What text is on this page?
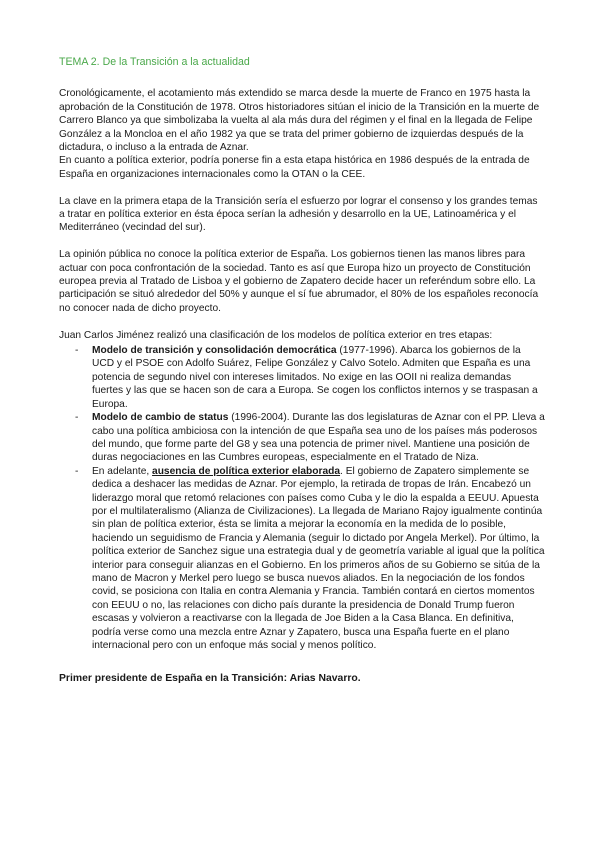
TEMA 2. De la Transición a la actualidad

Cronológicamente, el acotamiento más extendido se marca desde la muerte de Franco en 1975 hasta la aprobación de la Constitución de 1978. Otros historiadores sitúan el inicio de la Transición en la muerte de Carrero Blanco ya que simbolizaba la vuelta al ala más dura del régimen y el final en la llegada de Felipe González a la Moncloa en el año 1982 ya que se trata del primer gobierno de izquierdas después de la dictadura, o incluso a la entrada de Aznar.

En cuanto a política exterior, podría ponerse fin a esta etapa histórica en 1986 después de la entrada de España en organizaciones internacionales como la OTAN o la CEE.

La clave en la primera etapa de la Transición sería el esfuerzo por lograr el consenso y los grandes temas a tratar en política exterior en ésta época serían la adhesión y desarrollo en la UE, Latinoamérica y el Mediterráneo (vecindad del sur).

La opinión pública no conoce la política exterior de España. Los gobiernos tienen las manos libres para actuar con poca confrontación de la sociedad. Tanto es así que Europa hizo un proyecto de Constitución europea previa al Tratado de Lisboa y el gobierno de Zapatero decide hacer un referéndum sobre ello. La participación se situó alrededor del 50% y aunque el sí fue abrumador, el 80% de los españoles reconocía no conocer nada de dicho proyecto.

Juan Carlos Jiménez realizó una clasificación de los modelos de política exterior en tres etapas:

- Modelo de transición y consolidación democrática (1977-1996). Abarca los gobiernos de la UCD y el PSOE con Adolfo Suárez, Felipe González y Calvo Sotelo. Admiten que España es una potencia de segundo nivel con intereses limitados. No exige en las OOII ni realiza demandas fuertes y las que se hacen son de cara a Europa. Se cogen los conflictos internos y se traspasan a Europa.
- Modelo de cambio de status (1996-2004). Durante las dos legislaturas de Aznar con el PP. Lleva a cabo una política ambiciosa con la intención de que España sea uno de los países más poderosos del mundo, que forme parte del G8 y sea una potencia de primer nivel. Mantiene una posición de duras negociaciones en las Cumbres europeas, especialmente en el Tratado de Niza.
- En adelante, ausencia de política exterior elaborada. El gobierno de Zapatero simplemente se dedica a deshacer las medidas de Aznar. Por ejemplo, la retirada de tropas de Irán. Encabezó un liderazgo moral que retomó relaciones con países como Cuba y le dio la espalda a EEUU. Apuesta por el multilateralismo (Alianza de Civilizaciones). La llegada de Mariano Rajoy igualmente continúa sin plan de política exterior, ésta se limita a mejorar la economía en la medida de lo posible, haciendo un seguidismo de Francia y Alemania (seguir lo dictado por Angela Merkel). Por último, la política exterior de Sanchez sigue una estrategia dual y de geometría variable al igual que la política interior para conseguir alianzas en el Gobierno. En los primeros años de su Gobierno se sitúa de la mano de Macron y Merkel pero luego se busca nuevos aliados. En la negociación de los fondos covid, se posiciona con Italia en contra Alemania y Francia. También contará en ciertos momentos con EEUU o no, las relaciones con dicho país durante la presidencia de Donald Trump fueron escasas y volvieron a reactivarse con la llegada de Joe Biden a la Casa Blanca. En definitiva, podría verse como una mezcla entre Aznar y Zapatero, busca una España fuerte en el plano internacional pero con un enfoque más social y menos político.

Primer presidente de España en la Transición: Arias Navarro.
